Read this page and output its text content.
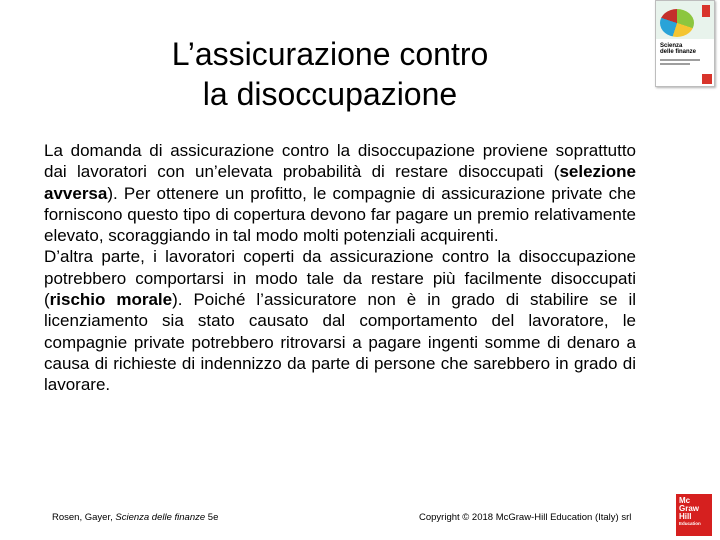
L’assicurazione contro
la disoccupazione

La domanda di assicurazione contro la disoccupazione proviene soprattutto dai lavoratori con un’elevata probabilità di restare disoccupati (selezione avversa). Per ottenere un profitto, le compagnie di assicurazione private che forniscono questo tipo di copertura devono far pagare un premio relativamente elevato, scoraggiando in tal modo molti potenziali acquirenti.

D’altra parte, i lavoratori coperti da assicurazione contro la disoccupazione potrebbero comportarsi in modo tale da restare più facilmente disoccupati (rischio morale). Poiché l’assicuratore non è in grado di stabilire se il licenziamento sia stato causato dal comportamento del lavoratore, le compagnie private potrebbero ritrovarsi a pagare ingenti somme di denaro a causa di richieste di indennizzo da parte di persone che sarebbero in grado di lavorare.

Rosen, Gayer, Scienza delle finanze 5e	Copyright © 2018 McGraw-Hill Education (Italy) srl
Scienza
delle finanze
Mc
Graw
Hill
Education
